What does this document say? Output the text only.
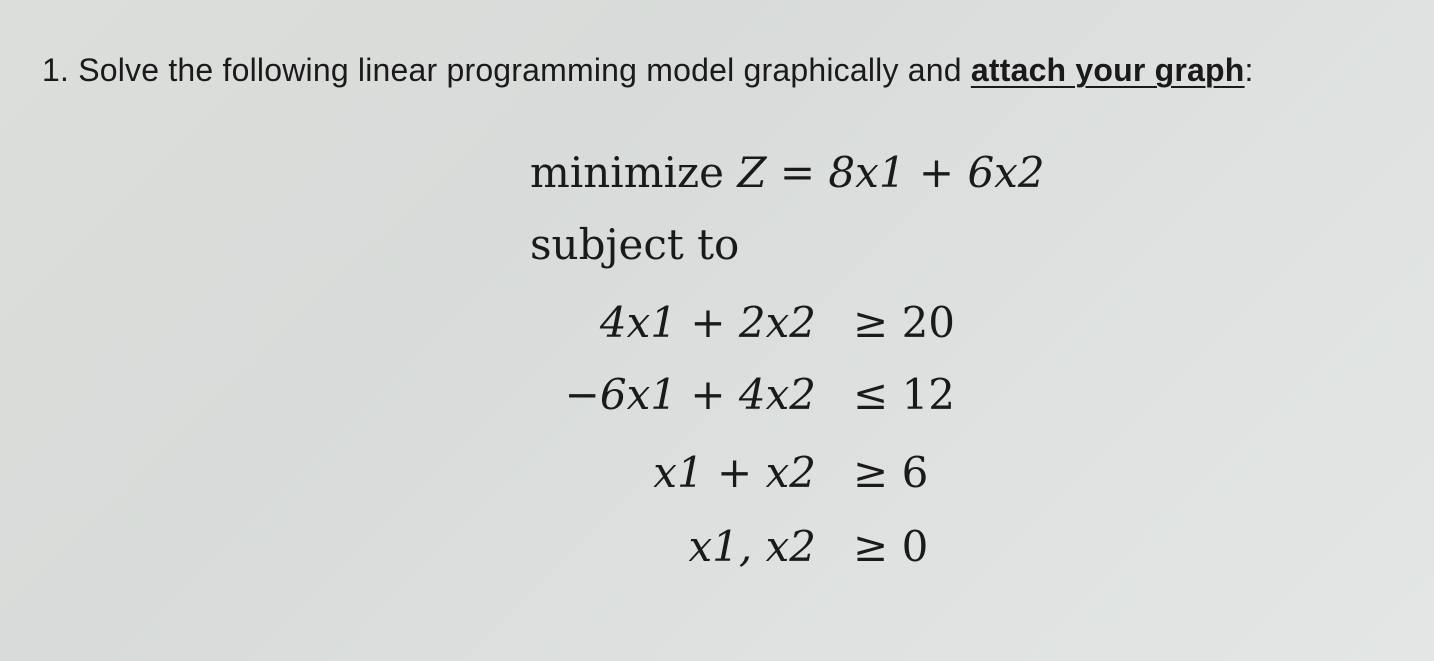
1. Solve the following linear programming model graphically and attach your graph:
minimize Z = 8x1 + 6x2
subject to
4x1 + 2x2 ≥ 20
−6x1 + 4x2 ≤ 12
x1 + x2 ≥ 6
x1, x2 ≥ 0
